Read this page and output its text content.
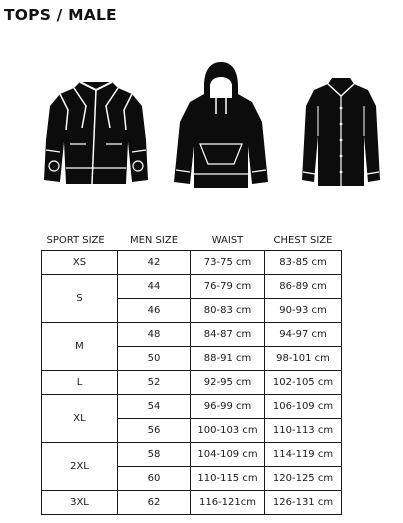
TOPS / MALE
SPORT SIZE	MEN SIZE	WAIST	CHEST SIZE
XS	42	73-75 cm	83-85 cm
S	44	76-79 cm	86-89 cm
	46	80-83 cm	90-93 cm
M	48	84-87 cm	94-97 cm
	50	88-91 cm	98-101 cm
L	52	92-95 cm	102-105 cm
XL	54	96-99 cm	106-109 cm
	56	100-103 cm	110-113 cm
2XL	58	104-109 cm	114-119 cm
	60	110-115 cm	120-125 cm
3XL	62	116-121cm	126-131 cm
